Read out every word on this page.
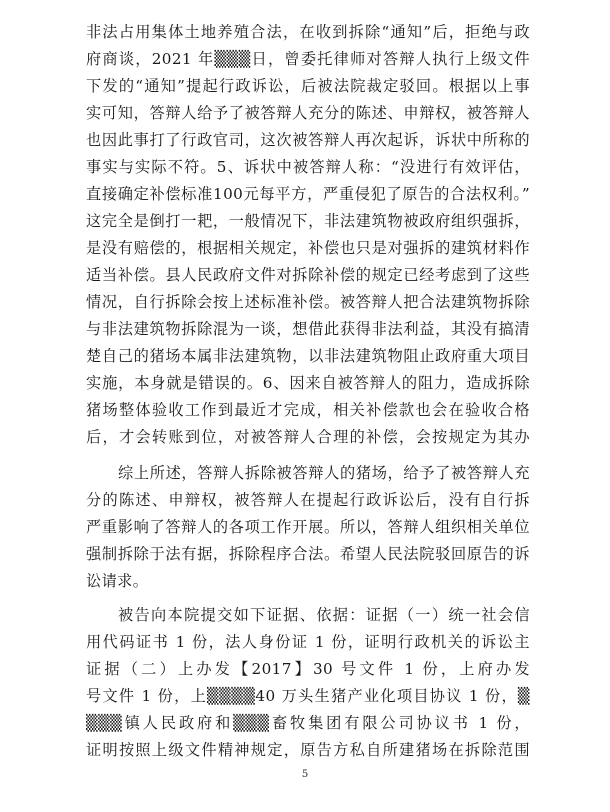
非法占用集体土地养殖合法，在收到拆除“通知”后，拒绝与政
府商谈，2021 年▒▒▒日，曾委托律师对答辩人执行上级文件
下发的“通知”提起行政诉讼，后被法院裁定驳回。根据以上事
实可知，答辩人给予了被答辩人充分的陈述、申辩权，被答辩人
也因此事打了行政官司，这次被答辩人再次起诉，诉状中所称的
事实与实际不符。5、诉状中被答辩人称：“没进行有效评估，
直接确定补偿标准100元每平方，严重侵犯了原告的合法权利。”
这完全是倒打一耙，一般情况下，非法建筑物被政府组织强拆，
是没有赔偿的，根据相关规定，补偿也只是对强拆的建筑材料作
适当补偿。县人民政府文件对拆除补偿的规定已经考虑到了这些
情况，自行拆除会按上述标准补偿。被答辩人把合法建筑物拆除
与非法建筑物拆除混为一谈，想借此获得非法利益，其没有搞清
楚自己的猪场本属非法建筑物，以非法建筑物阻止政府重大项目
实施，本身就是错误的。6、因来自被答辩人的阻力，造成拆除
猪场整体验收工作到最近才完成，相关补偿款也会在验收合格
后，才会转账到位，对被答辩人合理的补偿，会按规定为其办
综上所述，答辩人拆除被答辩人的猪场，给予了被答辩人充
分的陈述、申辩权，被答辩人在提起行政诉讼后，没有自行拆
严重影响了答辩人的各项工作开展。所以，答辩人组织相关单位
强制拆除于法有据，拆除程序合法。希望人民法院驳回原告的诉
讼请求。
被告向本院提交如下证据、依据：证据（一）统一社会信
用代码证书 1 份，法人身份证 1 份，证明行政机关的诉讼主
证据（二）上办发【2017】30 号文件 1 份，上府办发
号文件 1 份，上▒▒▒▒40 万头生猪产业化项目协议 1 份，▒
▒▒▒镇人民政府和▒▒▒畜牧集团有限公司协议书 1 份，
证明按照上级文件精神规定，原告方私自所建猪场在拆除范围
5
